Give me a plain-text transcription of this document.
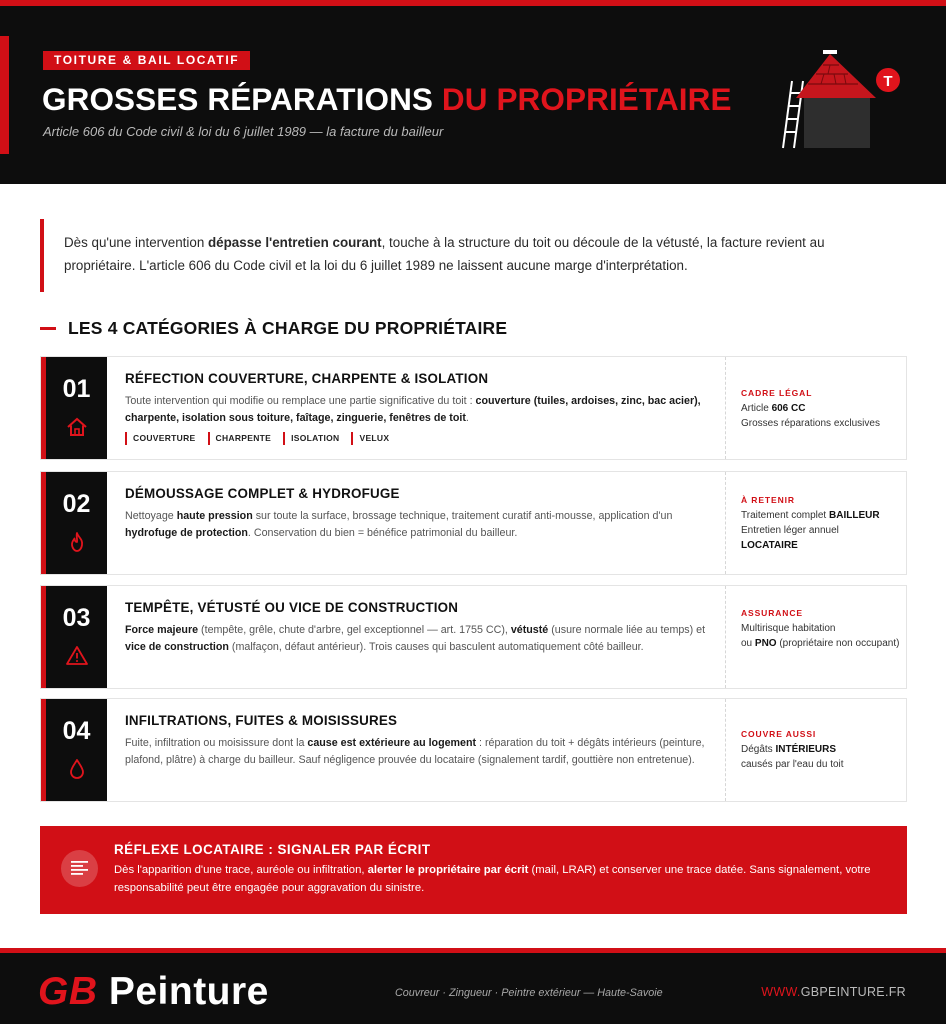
TOITURE & BAIL LOCATIF
GROSSES RÉPARATIONS DU PROPRIÉTAIRE
Article 606 du Code civil & loi du 6 juillet 1989 — la facture du bailleur
T

Dès qu'une intervention dépasse l'entretien courant, touche à la structure du toit ou découle de la vétusté, la facture revient au propriétaire. L'article 606 du Code civil et la loi du 6 juillet 1989 ne laissent aucune marge d'interprétation.

LES 4 CATÉGORIES À CHARGE DU PROPRIÉTAIRE
01	RÉFECTION COUVERTURE, CHARPENTE & ISOLATION
Toute intervention qui modifie ou remplace une partie significative du toit : couverture (tuiles, ardoises, zinc, bac acier), charpente, isolation sous toiture, faîtage, zinguerie, fenêtres de toit.
COUVERTURE	CHARPENTE	ISOLATION	VELUX
CADRE LÉGAL
Article 606 CC
Grosses réparations exclusives
02	DÉMOUSSAGE COMPLET & HYDROFUGE
Nettoyage haute pression sur toute la surface, brossage technique, traitement curatif anti-mousse, application d'un hydrofuge de protection. Conservation du bien = bénéfice patrimonial du bailleur.
À RETENIR
Traitement complet BAILLEUR
Entretien léger annuel
LOCATAIRE
03	TEMPÊTE, VÉTUSTÉ OU VICE DE CONSTRUCTION
Force majeure (tempête, grêle, chute d'arbre, gel exceptionnel — art. 1755 CC), vétusté (usure normale liée au temps) et vice de construction (malfaçon, défaut antérieur). Trois causes qui basculent automatiquement côté bailleur.
ASSURANCE
Multirisque habitation
ou PNO (propriétaire non occupant)
04	INFILTRATIONS, FUITES & MOISISSURES
Fuite, infiltration ou moisissure dont la cause est extérieure au logement : réparation du toit + dégâts intérieurs (peinture, plafond, plâtre) à charge du bailleur. Sauf négligence prouvée du locataire (signalement tardif, gouttière non entretenue).
COUVRE AUSSI
Dégâts INTÉRIEURS
causés par l'eau du toit
RÉFLEXE LOCATAIRE : SIGNALER PAR ÉCRIT

Dès l'apparition d'une trace, auréole ou infiltration, alerter le propriétaire par écrit (mail, LRAR) et conserver une trace datée. Sans signalement, votre responsabilité peut être engagée pour aggravation du sinistre.

GB Peinture	Couvreur · Zingueur · Peintre extérieur — Haute-Savoie	WWW.GBPEINTURE.FR
